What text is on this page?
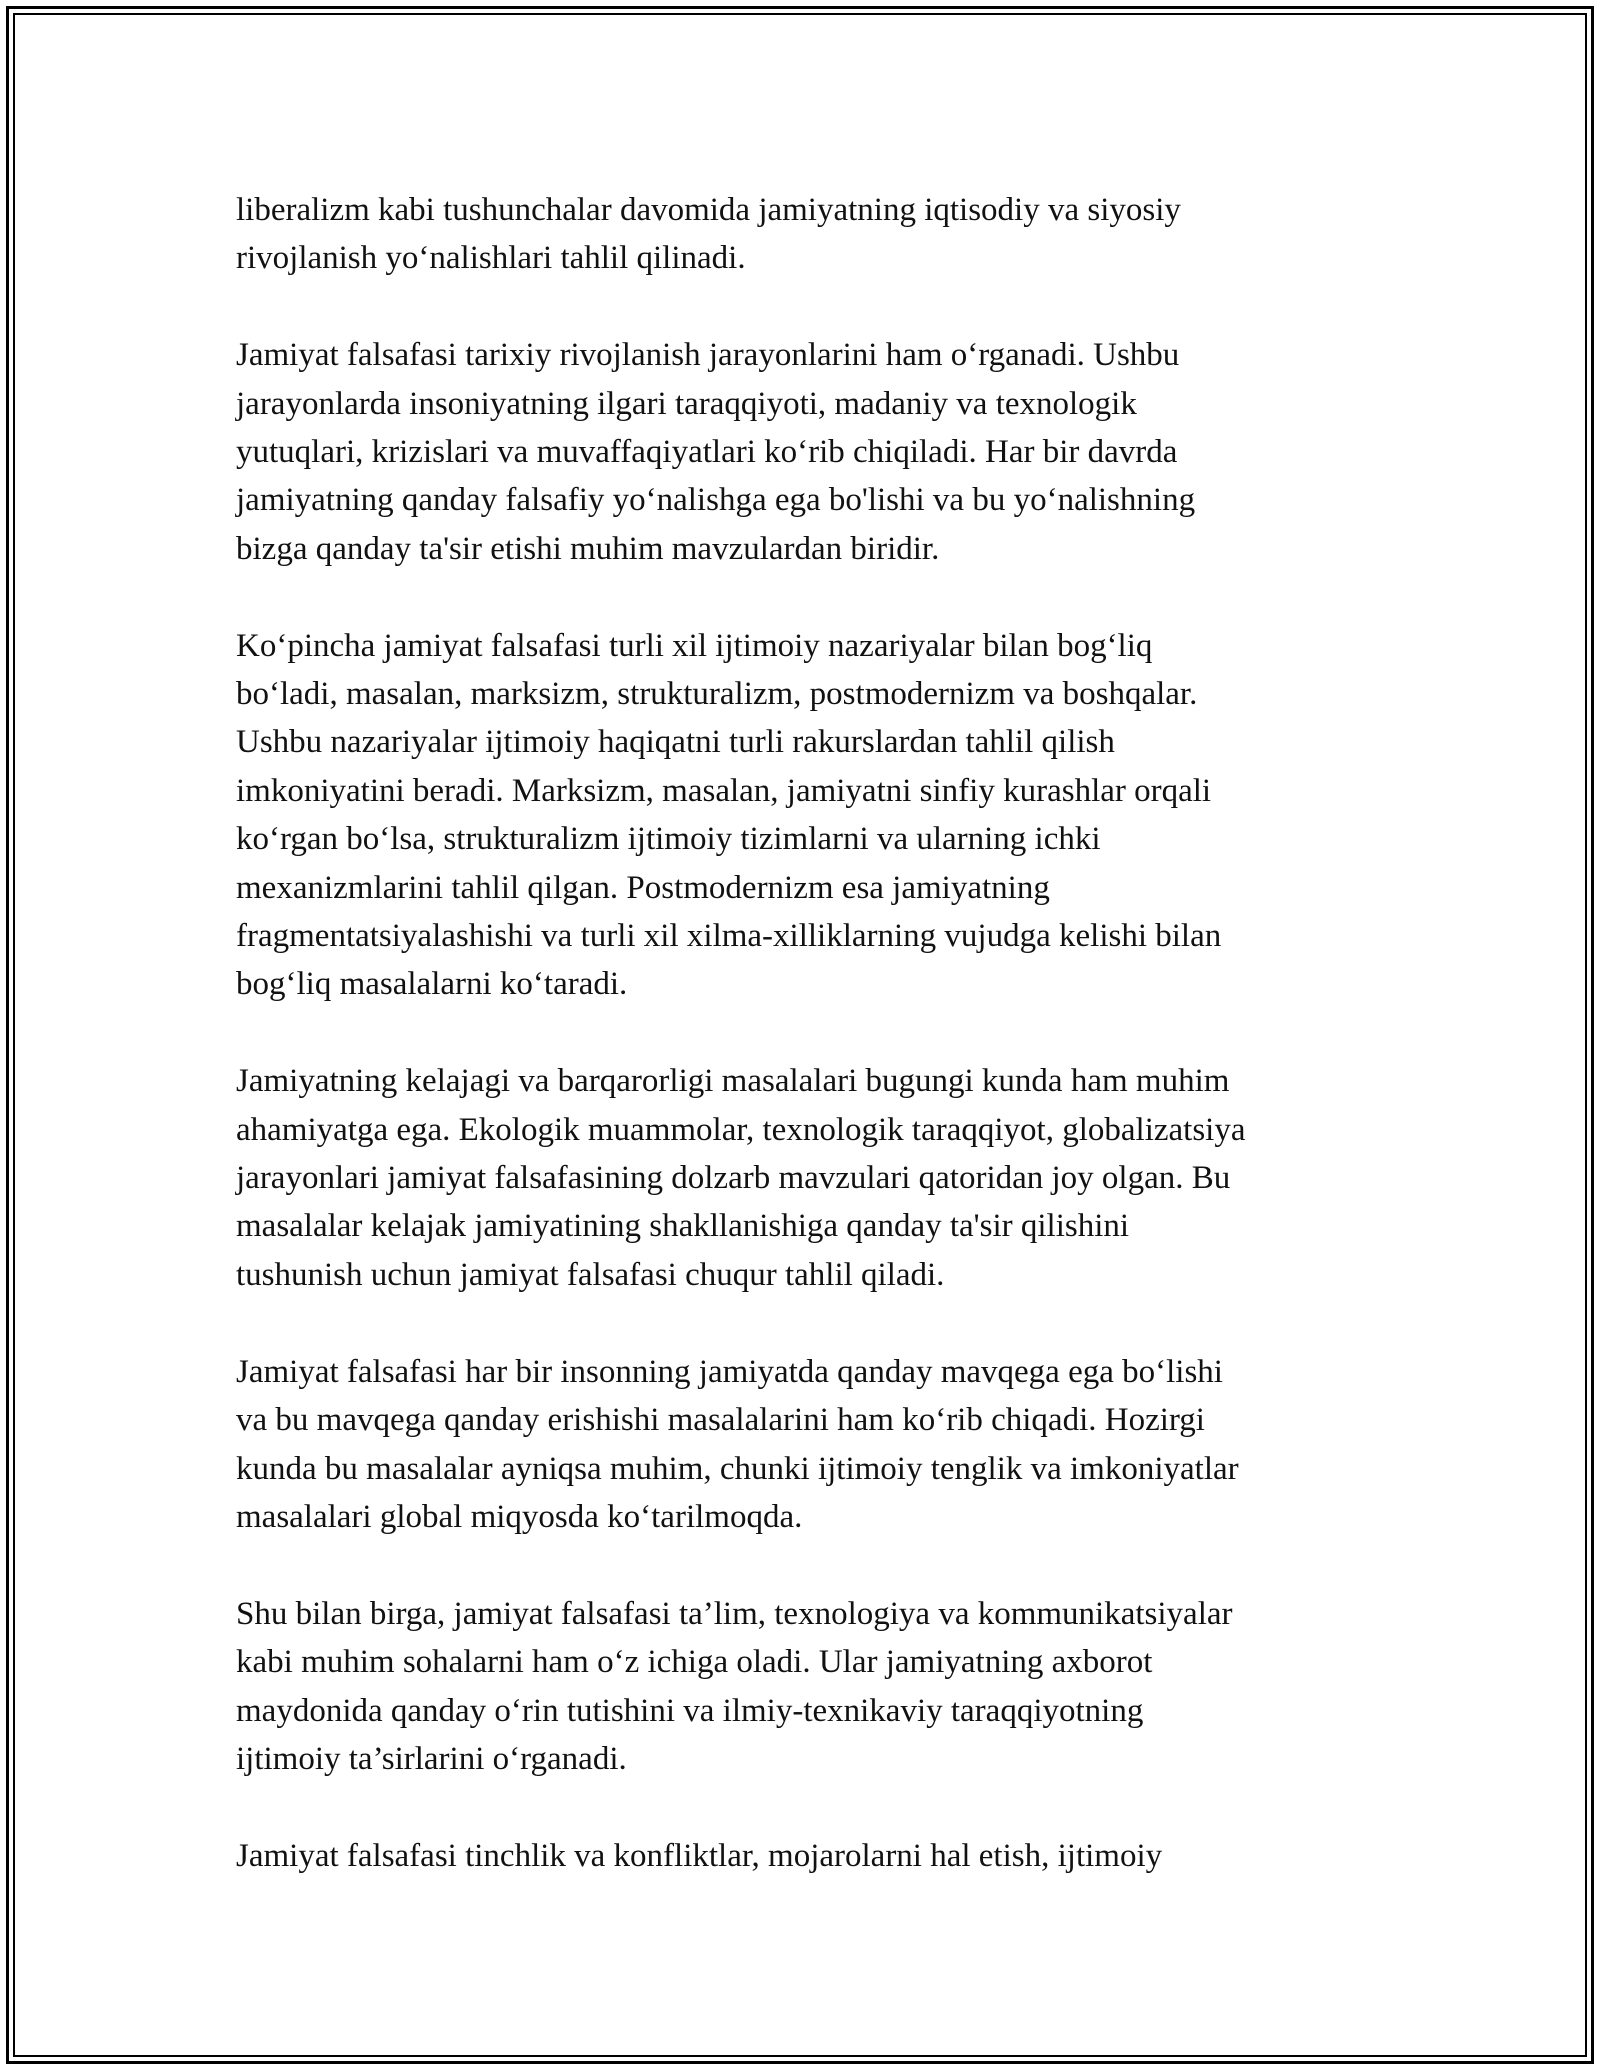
liberalizm kabi tushunchalar davomida jamiyatning iqtisodiy va siyosiy
rivojlanish yo‘nalishlari tahlil qilinadi.

Jamiyat falsafasi tarixiy rivojlanish jarayonlarini ham o‘rganadi. Ushbu
jarayonlarda insoniyatning ilgari taraqqiyoti, madaniy va texnologik
yutuqlari, krizislari va muvaffaqiyatlari ko‘rib chiqiladi. Har bir davrda
jamiyatning qanday falsafiy yo‘nalishga ega bo'lishi va bu yo‘nalishning
bizga qanday ta'sir etishi muhim mavzulardan biridir.

Ko‘pincha jamiyat falsafasi turli xil ijtimoiy nazariyalar bilan bog‘liq
bo‘ladi, masalan, marksizm, strukturalizm, postmodernizm va boshqalar.
Ushbu nazariyalar ijtimoiy haqiqatni turli rakurslardan tahlil qilish
imkoniyatini beradi. Marksizm, masalan, jamiyatni sinfiy kurashlar orqali
ko‘rgan bo‘lsa, strukturalizm ijtimoiy tizimlarni va ularning ichki
mexanizmlarini tahlil qilgan. Postmodernizm esa jamiyatning
fragmentatsiyalashishi va turli xil xilma-xilliklarning vujudga kelishi bilan
bog‘liq masalalarni ko‘taradi.

Jamiyatning kelajagi va barqarorligi masalalari bugungi kunda ham muhim
ahamiyatga ega. Ekologik muammolar, texnologik taraqqiyot, globalizatsiya
jarayonlari jamiyat falsafasining dolzarb mavzulari qatoridan joy olgan. Bu
masalalar kelajak jamiyatining shakllanishiga qanday ta'sir qilishini
tushunish uchun jamiyat falsafasi chuqur tahlil qiladi.

Jamiyat falsafasi har bir insonning jamiyatda qanday mavqega ega bo‘lishi
va bu mavqega qanday erishishi masalalarini ham ko‘rib chiqadi. Hozirgi
kunda bu masalalar ayniqsa muhim, chunki ijtimoiy tenglik va imkoniyatlar
masalalari global miqyosda ko‘tarilmoqda.

Shu bilan birga, jamiyat falsafasi ta’lim, texnologiya va kommunikatsiyalar
kabi muhim sohalarni ham o‘z ichiga oladi. Ular jamiyatning axborot
maydonida qanday o‘rin tutishini va ilmiy-texnikaviy taraqqiyotning
ijtimoiy ta’sirlarini o‘rganadi.

Jamiyat falsafasi tinchlik va konfliktlar, mojarolarni hal etish, ijtimoiy
